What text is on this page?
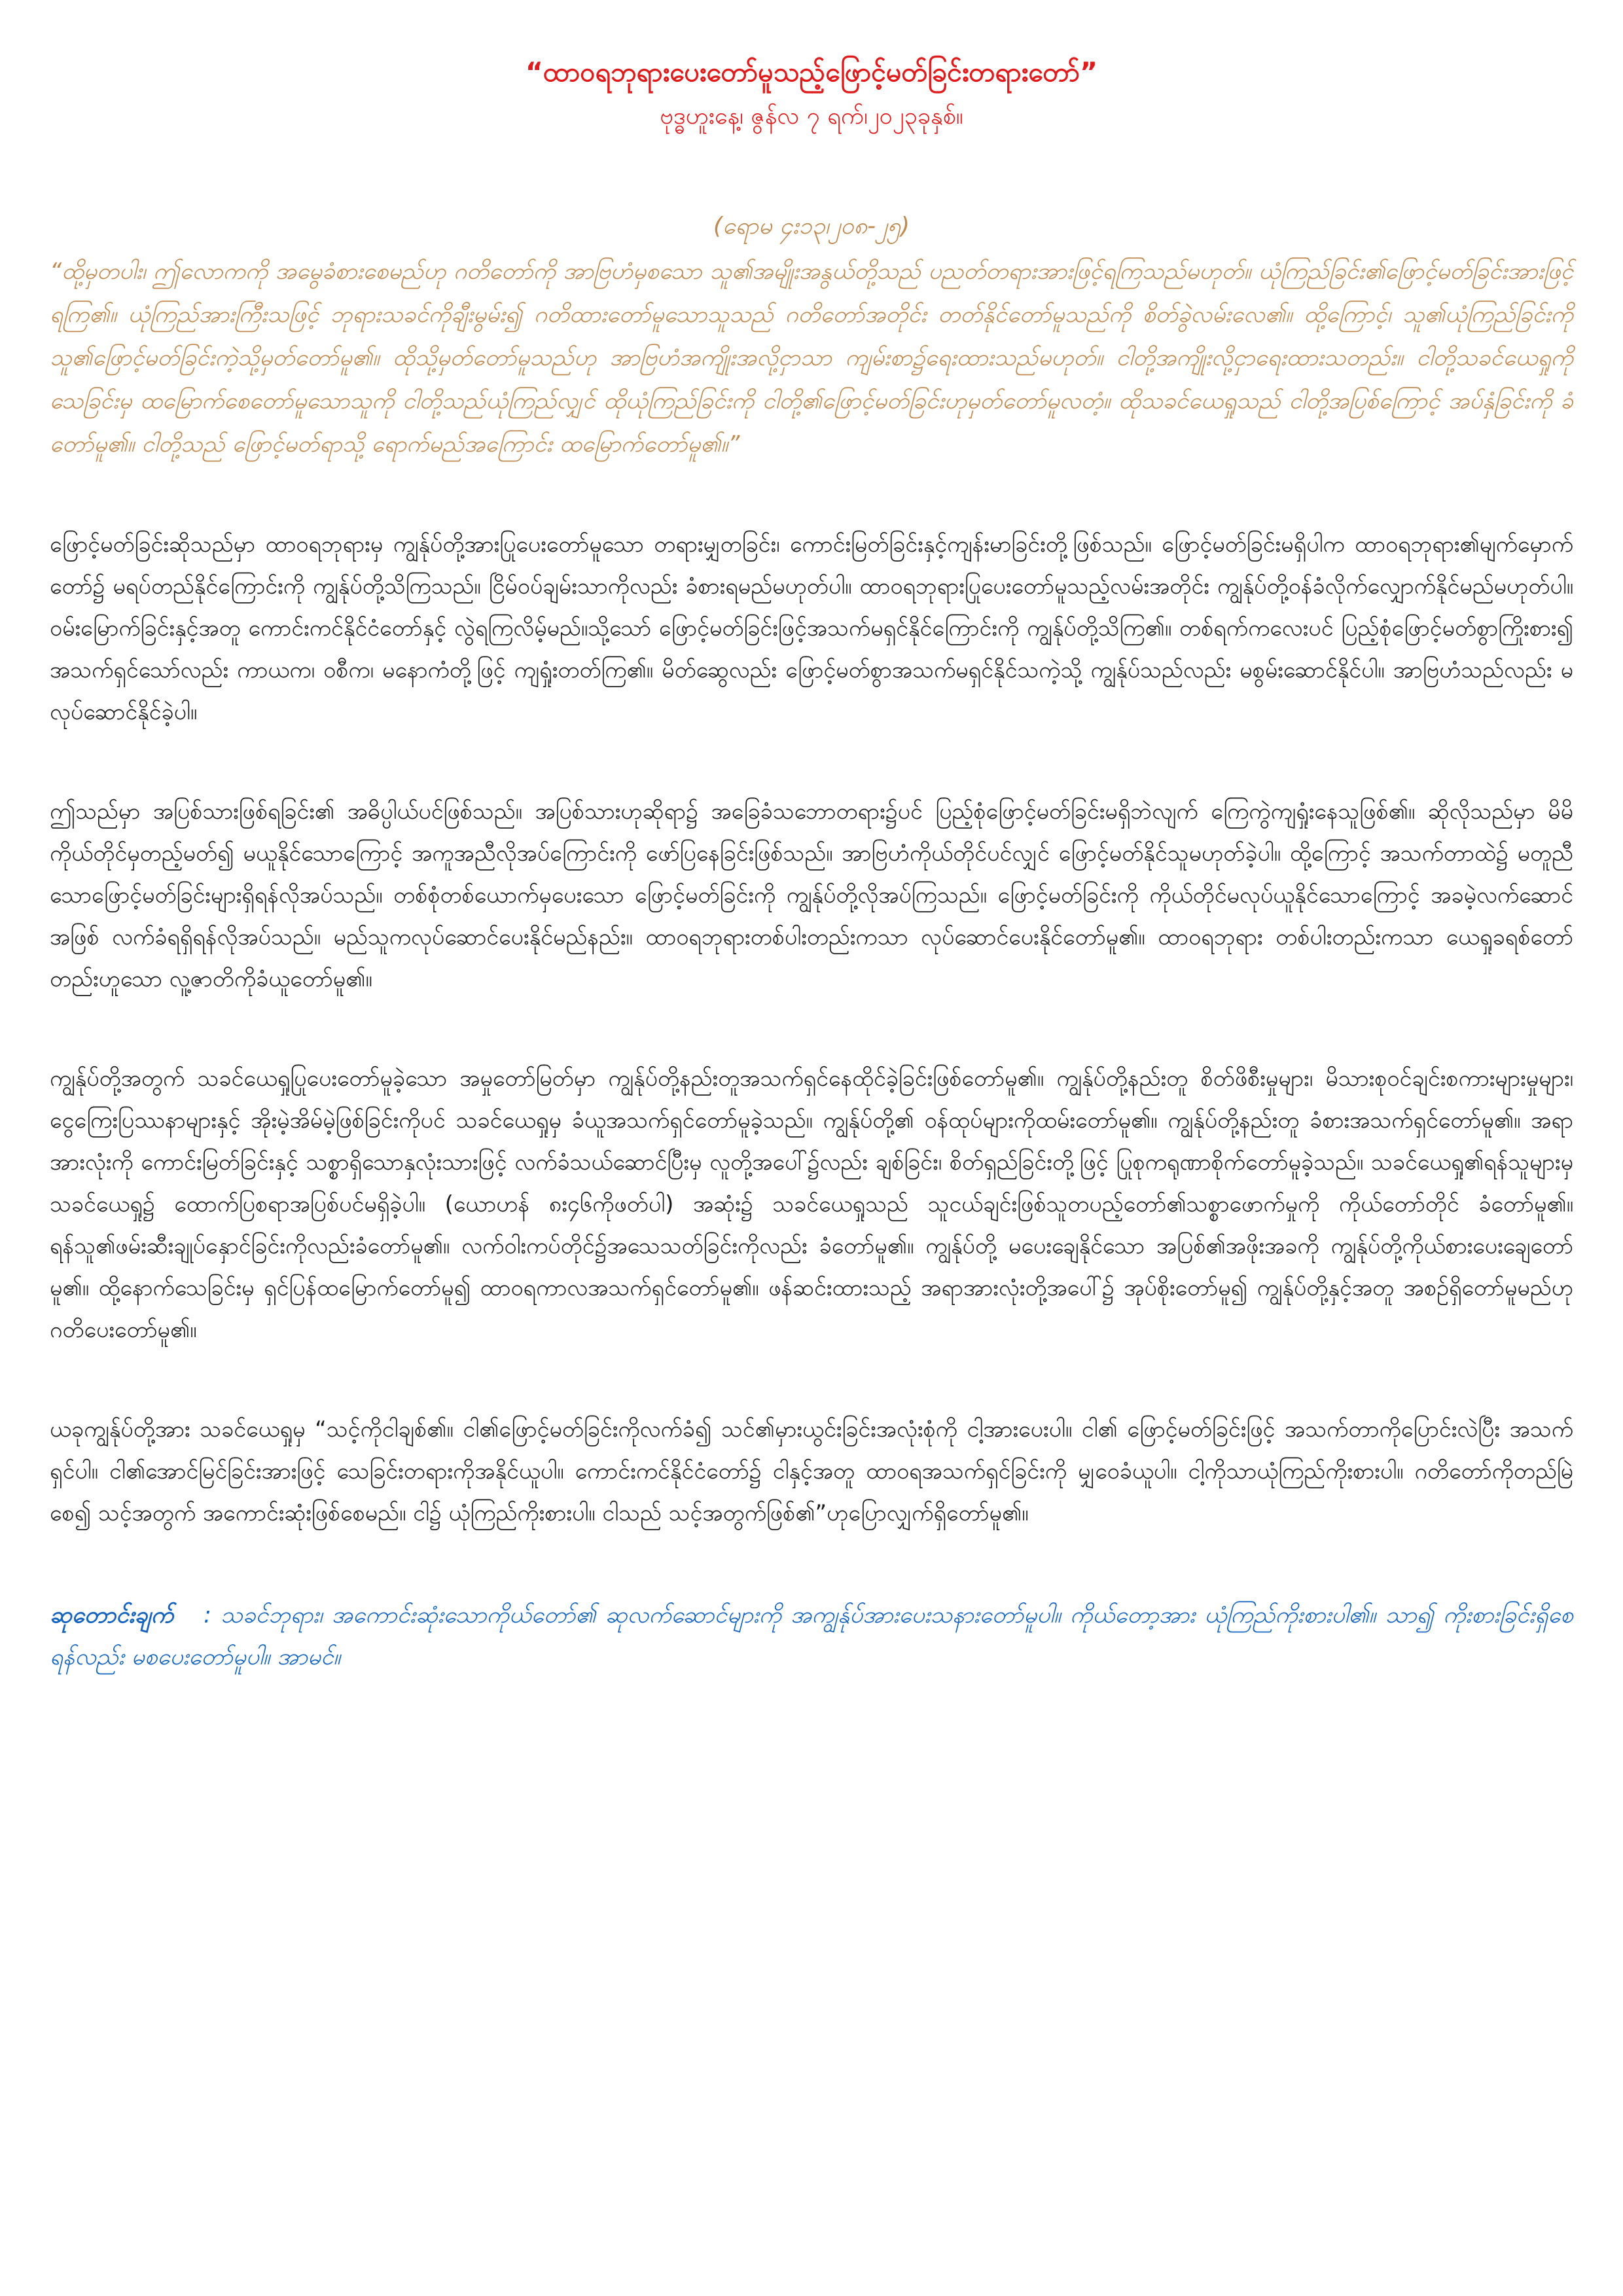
“ထာဝရဘုရားပေးတော်မူသည့်ဖြောင့်မတ်ခြင်းတရားတော်”

ဗုဒ္ဓဟူးနေ့၊ ဇွန်လ ၇ ရက်၊၂၀၂၃ခုနှစ်။

(ရောမ ၄း၁၃၊၂၀၈-၂၅)

“ထို့မှတပါး၊ ဤလောကကို အမွေခံစားစေမည်ဟု ဂတိတော်ကို အာဗြဟံမှစသော သူ၏အမျိုးအနွယ်တို့သည် ပညတ်တရားအားဖြင့်ရကြသည်မဟုတ်။ ယုံကြည်ခြင်း၏ဖြောင့်မတ်ခြင်းအားဖြင့်ရကြ၏။ ယုံကြည်အားကြီးသဖြင့် ဘုရားသခင်ကိုချီးမွမ်း၍ ဂတိထားတော်မူသောသူသည် ဂတိတော်အတိုင်း တတ်နိုင်တော်မူသည်ကို စိတ်ခွဲလမ်းလေ၏။ ထို့ကြောင့်၊ သူ၏ယုံကြည်ခြင်းကို သူ၏ဖြောင့်မတ်ခြင်းကဲ့သို့မှတ်တော်မူ၏။ ထိုသို့မှတ်တော်မူသည်ဟု အာဗြဟံအကျိုးအလို့ငှာသာ ကျမ်းစာ၌ရေးထားသည်မဟုတ်။ ငါတို့အကျိုးလို့ငှာရေးထားသတည်း။ ငါတို့သခင်ယေရှုကိုသေခြင်းမှ ထမြောက်စေတော်မူသောသူကို ငါတို့သည်ယုံကြည်လျှင် ထိုယုံကြည်ခြင်းကို ငါတို့၏ဖြောင့်မတ်ခြင်းဟုမှတ်တော်မူလတံ့။ ထိုသခင်ယေရှုသည် ငါတို့အပြစ်ကြောင့် အပ်နှံခြင်းကို ခံတော်မူ၏။ ငါတို့သည် ဖြောင့်မတ်ရာသို့ ရောက်မည်အကြောင်း ထမြောက်တော်မူ၏။”

ဖြောင့်မတ်ခြင်းဆိုသည်မှာ ထာဝရဘုရားမှ ကျွန်ုပ်တို့အားပြုပေးတော်မူသော တရားမျှတခြင်း၊ ကောင်းမြတ်ခြင်းနှင့်ကျန်းမာခြင်းတို့ဖြစ်သည်။ ဖြောင့်မတ်ခြင်းမရှိပါက ထာဝရဘုရား၏မျက်မှောက်တော်၌ မရပ်တည်နိုင်ကြောင်းကို ကျွန်ုပ်တို့သိကြသည်။ ငြိမ်ဝပ်ချမ်းသာကိုလည်း ခံစားရမည်မဟုတ်ပါ။ ထာဝရဘုရားပြုပေးတော်မူသည့်လမ်းအတိုင်း ကျွန်ုပ်တို့ဝန်ခံလိုက်လျှောက်နိုင်မည်မဟုတ်ပါ။ ဝမ်းမြောက်ခြင်းနှင့်အတူ ကောင်းကင်နိုင်ငံတော်နှင့် လွဲရကြလိမ့်မည်။သို့သော် ဖြောင့်မတ်ခြင်းဖြင့်အသက်မရှင်နိုင်ကြောင်းကို ကျွန်ုပ်တို့သိကြ၏။ တစ်ရက်ကလေးပင် ပြည့်စုံဖြောင့်မတ်စွာကြိုးစား၍ အသက်ရှင်သော်လည်း ကာယက၊ ဝစီက၊ မနောကံတို့ဖြင့် ကျရှုံးတတ်ကြ၏။ မိတ်ဆွေလည်း ဖြောင့်မတ်စွာအသက်မရှင်နိုင်သကဲ့သို့ ကျွန်ုပ်သည်လည်း မစွမ်းဆောင်နိုင်ပါ။ အာဗြဟံသည်လည်း မလုပ်ဆောင်နိုင်ခဲ့ပါ။

ဤသည်မှာ အပြစ်သားဖြစ်ရခြင်း၏ အဓိပ္ပါယ်ပင်ဖြစ်သည်။ အပြစ်သားဟုဆိုရာ၌ အခြေခံသဘောတရား၌ပင် ပြည့်စုံဖြောင့်မတ်ခြင်းမရှိဘဲလျက် ကြေကွဲကျရှုံးနေသူဖြစ်၏။ ဆိုလိုသည်မှာ မိမိကိုယ်တိုင်မှတည့်မတ်၍ မယူနိုင်သောကြောင့် အကူအညီလိုအပ်ကြောင်းကို ဖော်ပြနေခြင်းဖြစ်သည်။ အာဗြဟံကိုယ်တိုင်ပင်လျှင် ဖြောင့်မတ်နိုင်သူမဟုတ်ခဲ့ပါ။ ထို့ကြောင့် အသက်တာထဲ၌ မတူညီသောဖြောင့်မတ်ခြင်းများရှိရန်လိုအပ်သည်။ တစ်စုံတစ်ယောက်မှပေးသော ဖြောင့်မတ်ခြင်းကို ကျွန်ုပ်တို့လိုအပ်ကြသည်။ ဖြောင့်မတ်ခြင်းကို ကိုယ်တိုင်မလုပ်ယူနိုင်သောကြောင့် အခမဲ့လက်ဆောင်အဖြစ် လက်ခံရရှိရန်လိုအပ်သည်။ မည်သူကလုပ်ဆောင်ပေးနိုင်မည်နည်း။ ထာဝရဘုရားတစ်ပါးတည်းကသာ လုပ်ဆောင်ပေးနိုင်တော်မူ၏။ ထာဝရဘုရား တစ်ပါးတည်းကသာ ယေရှုခရစ်တော်တည်းဟူသော လူ့ဇာတိကိုခံယူတော်မူ၏။

ကျွန်ုပ်တို့အတွက် သခင်ယေရှုပြုပေးတော်မူခဲ့သော အမှုတော်မြတ်မှာ ကျွန်ုပ်တို့နည်းတူအသက်ရှင်နေထိုင်ခဲ့ခြင်းဖြစ်တော်မူ၏။ ကျွန်ုပ်တို့နည်းတူ စိတ်ဖိစီးမှုများ၊ မိသားစုဝင်ချင်းစကားများမှုများ၊ ငွေကြေးပြဿနာများနှင့် အိုးမဲ့အိမ်မဲ့ဖြစ်ခြင်းကိုပင် သခင်ယေရှုမှ ခံယူအသက်ရှင်တော်မူခဲ့သည်။ ကျွန်ုပ်တို့၏ ဝန်ထုပ်များကိုထမ်းတော်မူ၏။ ကျွန်ုပ်တို့နည်းတူ ခံစားအသက်ရှင်တော်မူ၏။ အရာအားလုံးကို ကောင်းမြတ်ခြင်းနှင့် သစ္စာရှိသောနှလုံးသားဖြင့် လက်ခံသယ်ဆောင်ပြီးမှ လူတို့အပေါ်၌လည်း ချစ်ခြင်း၊ စိတ်ရှည်ခြင်းတို့ဖြင့် ပြုစုကရုဏာစိုက်တော်မူခဲ့သည်။ သခင်ယေရှု၏ရန်သူများမှ သခင်ယေရှု၌ ထောက်ပြစရာအပြစ်ပင်မရှိခဲ့ပါ။ (ယောဟန် ၈း၄၆ကိုဖတ်ပါ) အဆုံး၌ သခင်ယေရှုသည် သူငယ်ချင်းဖြစ်သူတပည့်တော်၏သစ္စာဖောက်မှုကို ကိုယ်တော်တိုင် ခံတော်မူ၏။ ရန်သူ၏ဖမ်းဆီးချုပ်နှောင်ခြင်းကိုလည်းခံတော်မူ၏။ လက်ဝါးကပ်တိုင်၌အသေသတ်ခြင်းကိုလည်း ခံတော်မူ၏။ ကျွန်ုပ်တို့ မပေးချေနိုင်သော အပြစ်၏အဖိုးအခကို ကျွန်ုပ်တို့ကိုယ်စားပေးချေတော်မူ၏။ ထို့နောက်သေခြင်းမှ ရှင်ပြန်ထမြောက်တော်မူ၍ ထာဝရကာလအသက်ရှင်တော်မူ၏။ ဖန်ဆင်းထားသည့် အရာအားလုံးတို့အပေါ်၌ အုပ်စိုးတော်မူ၍ ကျွန်ုပ်တို့နှင့်အတူ အစဉ်ရှိတော်မူမည်ဟု ဂတိပေးတော်မူ၏။

ယခုကျွန်ုပ်တို့အား သခင်ယေရှုမှ “သင့်ကိုငါချစ်၏။ ငါ၏ဖြောင့်မတ်ခြင်းကိုလက်ခံ၍ သင်၏မှားယွင်းခြင်းအလုံးစုံကို ငါ့အားပေးပါ။ ငါ၏ ဖြောင့်မတ်ခြင်းဖြင့် အသက်တာကိုပြောင်းလဲပြီး အသက်ရှင်ပါ။ ငါ၏အောင်မြင်ခြင်းအားဖြင့် သေခြင်းတရားကိုအနိုင်ယူပါ။ ကောင်းကင်နိုင်ငံတော်၌ ငါနှင့်အတူ ထာဝရအသက်ရှင်ခြင်းကို မျှဝေခံယူပါ။ ငါ့ကိုသာယုံကြည်ကိုးစားပါ။ ဂတိတော်ကိုတည်မြဲစေ၍ သင့်အတွက် အကောင်းဆုံးဖြစ်စေမည်။ ငါ၌ ယုံကြည်ကိုးစားပါ။ ငါသည် သင့်အတွက်ဖြစ်၏”ဟုပြောလျှက်ရှိတော်မူ၏။

ဆုတောင်းချက် : သခင်ဘုရား၊ အကောင်းဆုံးသောကိုယ်တော်၏ ဆုလက်ဆောင်များကို အကျွန်ုပ်အားပေးသနားတော်မူပါ။ ကိုယ်တော့အား ယုံကြည်ကိုးစားပါ၏။ သာ၍ ကိုးစားခြင်းရှိစေရန်လည်း မစပေးတော်မူပါ။ အာမင်။
